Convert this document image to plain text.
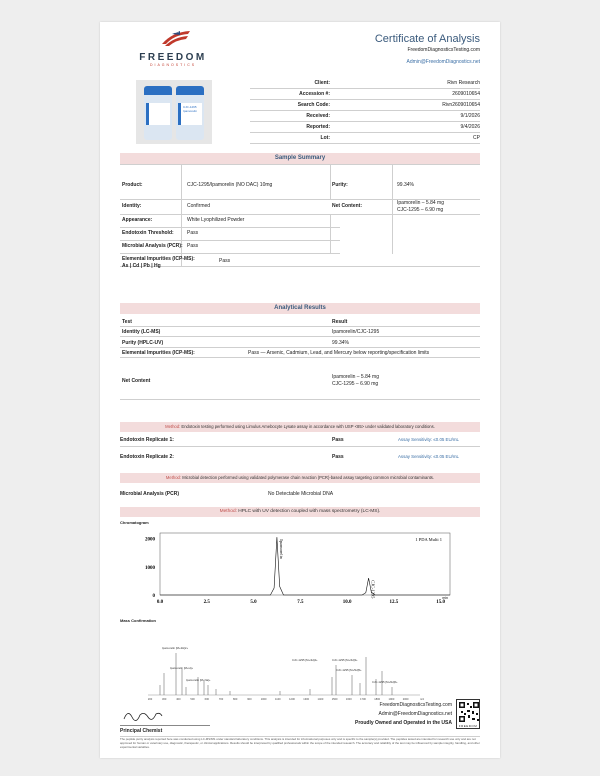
FREEDOM
DIAGNOSTICS
Certificate of Analysis
FreedomDiagnosticsTesting.com
Admin@FreedomDiagnostics.net
CJC-1295 Ipamorelin
Client:	Rivn Research
Accession #:	2609010654
Search Code:	Rivn2609010654
Received:	9/1/2026
Reported:	9/4/2026
Lot:	CP
Sample Summary
Product:	CJC-1295/Ipamorelin (NO DAC) 10mg	Purity:	99.34%
Identity:	Confirmed	Net Content:	Ipamorelin – 5.84 mg
CJC-1295 – 6.90 mg
Appearance:	White Lyophilized Powder
Endotoxin Threshold:	Pass
Microbial Analysis (PCR): Pass
Elemental Impurities (ICP-MS):
As | Cd | Pb | Hg
Pass
Analytical Results
Test	Result
Identity (LC-MS)	Ipamorelin/CJC-1295
Purity (HPLC-UV)	99.34%
Elemental Impurities (ICP-MS):	Pass — Arsenic, Cadmium, Lead, and Mercury below reporting/specification limits
Net Content
Ipamorelin – 5.84 mg
CJC-1295 – 6.90 mg
Method: Endotoxin testing performed using Limulus Amebocyte Lysate assay in accordance with USP <85> under validated laboratory conditions.
Endotoxin Replicate 1:	Pass	Assay Sensitivity: ≤0.05 EU/mL
Endotoxin Replicate 2:	Pass	Assay Sensitivity: ≤0.05 EU/mL
Method: Microbial detection performed using validated polymerase chain reaction (PCR)-based assay targeting common microbial contaminants.
Microbial Analysis (PCR)	No Detectable Microbial DNA
Method: HPLC with UV detection coupled with mass spectrometry (LC-MS).
Chromatogram
1 PDA Multi 1
0.0	2.5	5.0	7.5	10.0	12.5	15.0
min
0
1000
2000	Ipamorelin
CJC-1295
Mass Confirmation
200	300	400	500	600	700	800	900	1000	1100	1200	1300	1400	1500	1600	1700	1800	1900	2000	m/z
Ipamorelin [M+2H]2+
Ipamorelin [M+H]+
Ipamorelin [M+Na]+
CJC-1295 [M+4H]4+	CJC-1295 [M+3H]3+
CJC-1295 [M+5H]5+
CJC-1295 [M+6H]6+
Principal Chemist
FreedomDiagnosticsTesting.com
Admin@FreedomDiagnostics.net
Proudly Owned and Operated in the USA	FREEDOM
The peptide purity analysis reported here was conducted using LC-MS/MS under standard laboratory conditions. This analysis is intended for informational purposes only and is specific to the sample(s) provided. The peptides tested are intended for research use only and are not approved for human or veterinary use, diagnostic, therapeutic, or clinical applications. Results should be interpreted by qualified professionals within the scope of the intended research. The accuracy and reliability of the test may be influenced by sample integrity, handling, and other experimental variables.
